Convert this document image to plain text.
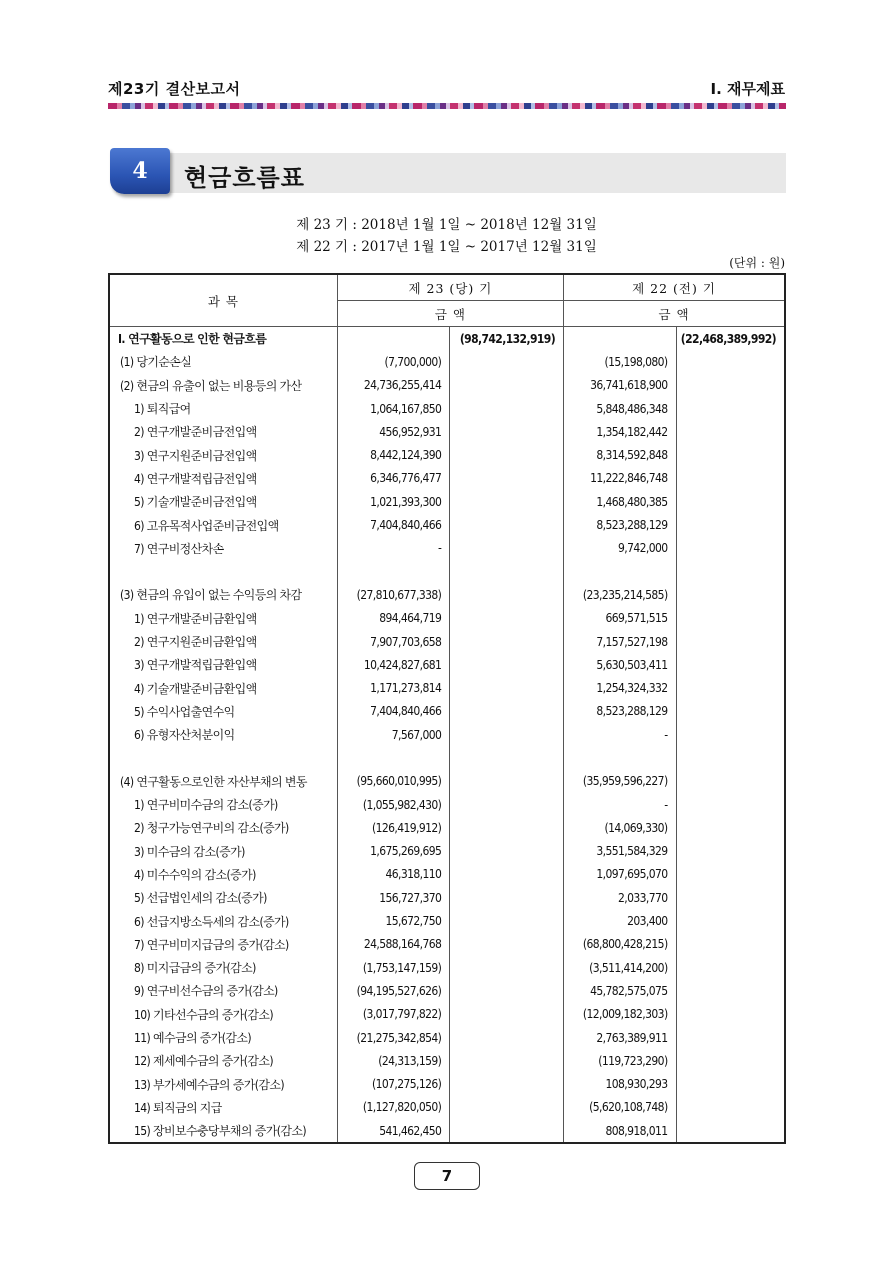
제23기 결산보고서	Ⅰ. 재무제표
4	현금흐름표
제 23 기 : 2018년 1월 1일 ~ 2018년 12월 31일
제 22 기 : 2017년 1월 1일 ~ 2017년 12월 31일
(단위 : 원)
과 목	제 23 (당) 기		제 22 (전) 기	
	금 액		금 액	
Ⅰ. 연구활동으로 인한 현금흐름		(98,742,132,919)		(22,468,389,992)
(1) 당기순손실	(7,700,000)		(15,198,080)	
(2) 현금의 유출이 없는 비용등의 가산	24,736,255,414		36,741,618,900	
1) 퇴직급여	1,064,167,850		5,848,486,348	
2) 연구개발준비금전입액	456,952,931		1,354,182,442	
3) 연구지원준비금전입액	8,442,124,390		8,314,592,848	
4) 연구개발적립금전입액	6,346,776,477		11,222,846,748	
5) 기술개발준비금전입액	1,021,393,300		1,468,480,385	
6) 고유목적사업준비금전입액	7,404,840,466		8,523,288,129	
7) 연구비정산차손	-		9,742,000	

(3) 현금의 유입이 없는 수익등의 차감	(27,810,677,338)		(23,235,214,585)	
1) 연구개발준비금환입액	894,464,719		669,571,515	
2) 연구지원준비금환입액	7,907,703,658		7,157,527,198	
3) 연구개발적립금환입액	10,424,827,681		5,630,503,411	
4) 기술개발준비금환입액	1,171,273,814		1,254,324,332	
5) 수익사업출연수익	7,404,840,466		8,523,288,129	
6) 유형자산처분이익	7,567,000		-	

(4) 연구활동으로인한 자산부채의 변동	(95,660,010,995)		(35,959,596,227)	
1) 연구비미수금의 감소(증가)	(1,055,982,430)		-	
2) 청구가능연구비의 감소(증가)	(126,419,912)		(14,069,330)	
3) 미수금의 감소(증가)	1,675,269,695		3,551,584,329	
4) 미수수익의 감소(증가)	46,318,110		1,097,695,070	
5) 선급법인세의 감소(증가)	156,727,370		2,033,770	
6) 선급지방소득세의 감소(증가)	15,672,750		203,400	
7) 연구비미지급금의 증가(감소)	24,588,164,768		(68,800,428,215)	
8) 미지급금의 증가(감소)	(1,753,147,159)		(3,511,414,200)	
9) 연구비선수금의 증가(감소)	(94,195,527,626)		45,782,575,075	
10) 기타선수금의 증가(감소)	(3,017,797,822)		(12,009,182,303)	
11) 예수금의 증가(감소)	(21,275,342,854)		2,763,389,911	
12) 제세예수금의 증가(감소)	(24,313,159)		(119,723,290)	
13) 부가세예수금의 증가(감소)	(107,275,126)		108,930,293	
14) 퇴직금의 지급	(1,127,820,050)		(5,620,108,748)	
15) 장비보수충당부채의 증가(감소)	541,462,450		808,918,011	
7
